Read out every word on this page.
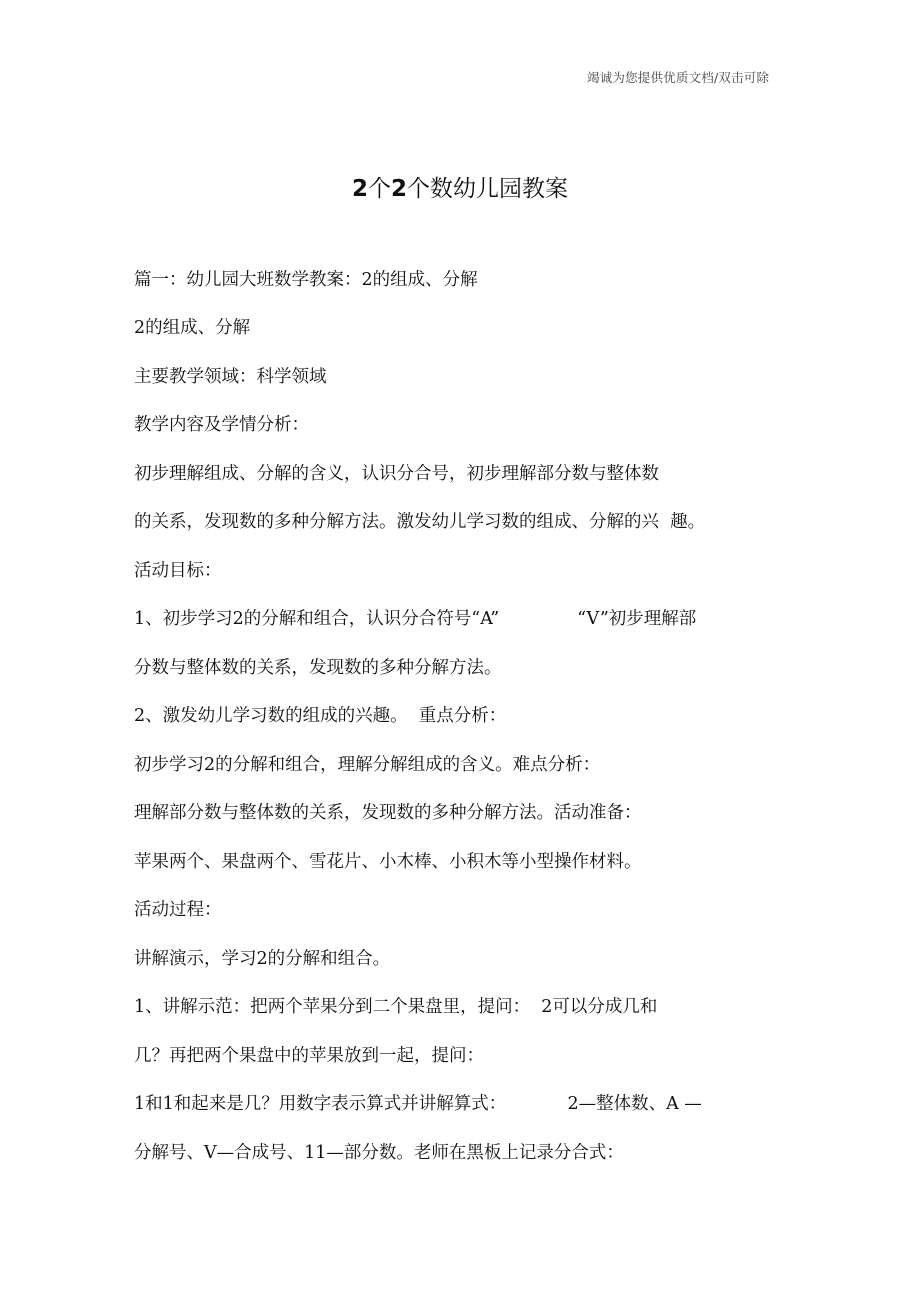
竭诚为您提供优质文档/双击可除
2个2个数幼儿园教案
篇一：幼儿园大班数学教案：2的组成、分解
2的组成、分解
主要教学领域：科学领域
教学内容及学情分析：
初步理解组成、分解的含义，认识分合号，初步理解部分数与整体数
的关系，发现数的多种分解方法。激发幼儿学习数的组成、分解的兴  趣。
活动目标：
1、初步学习2的分解和组合，认识分合符号“A”              “V”初步理解部
分数与整体数的关系，发现数的多种分解方法。
2、激发幼儿学习数的组成的兴趣。  重点分析：
初步学习2的分解和组合，理解分解组成的含义。难点分析：
理解部分数与整体数的关系，发现数的多种分解方法。活动准备：
苹果两个、果盘两个、雪花片、小木棒、小积木等小型操作材料。
活动过程：
讲解演示，学习2的分解和组合。
1、讲解示范：把两个苹果分到二个果盘里，提问：  2可以分成几和
几？再把两个果盘中的苹果放到一起，提问：
1和1和起来是几？用数字表示算式并讲解算式：           2—整体数、A —
分解号、V—合成号、11—部分数。老师在黑板上记录分合式：
